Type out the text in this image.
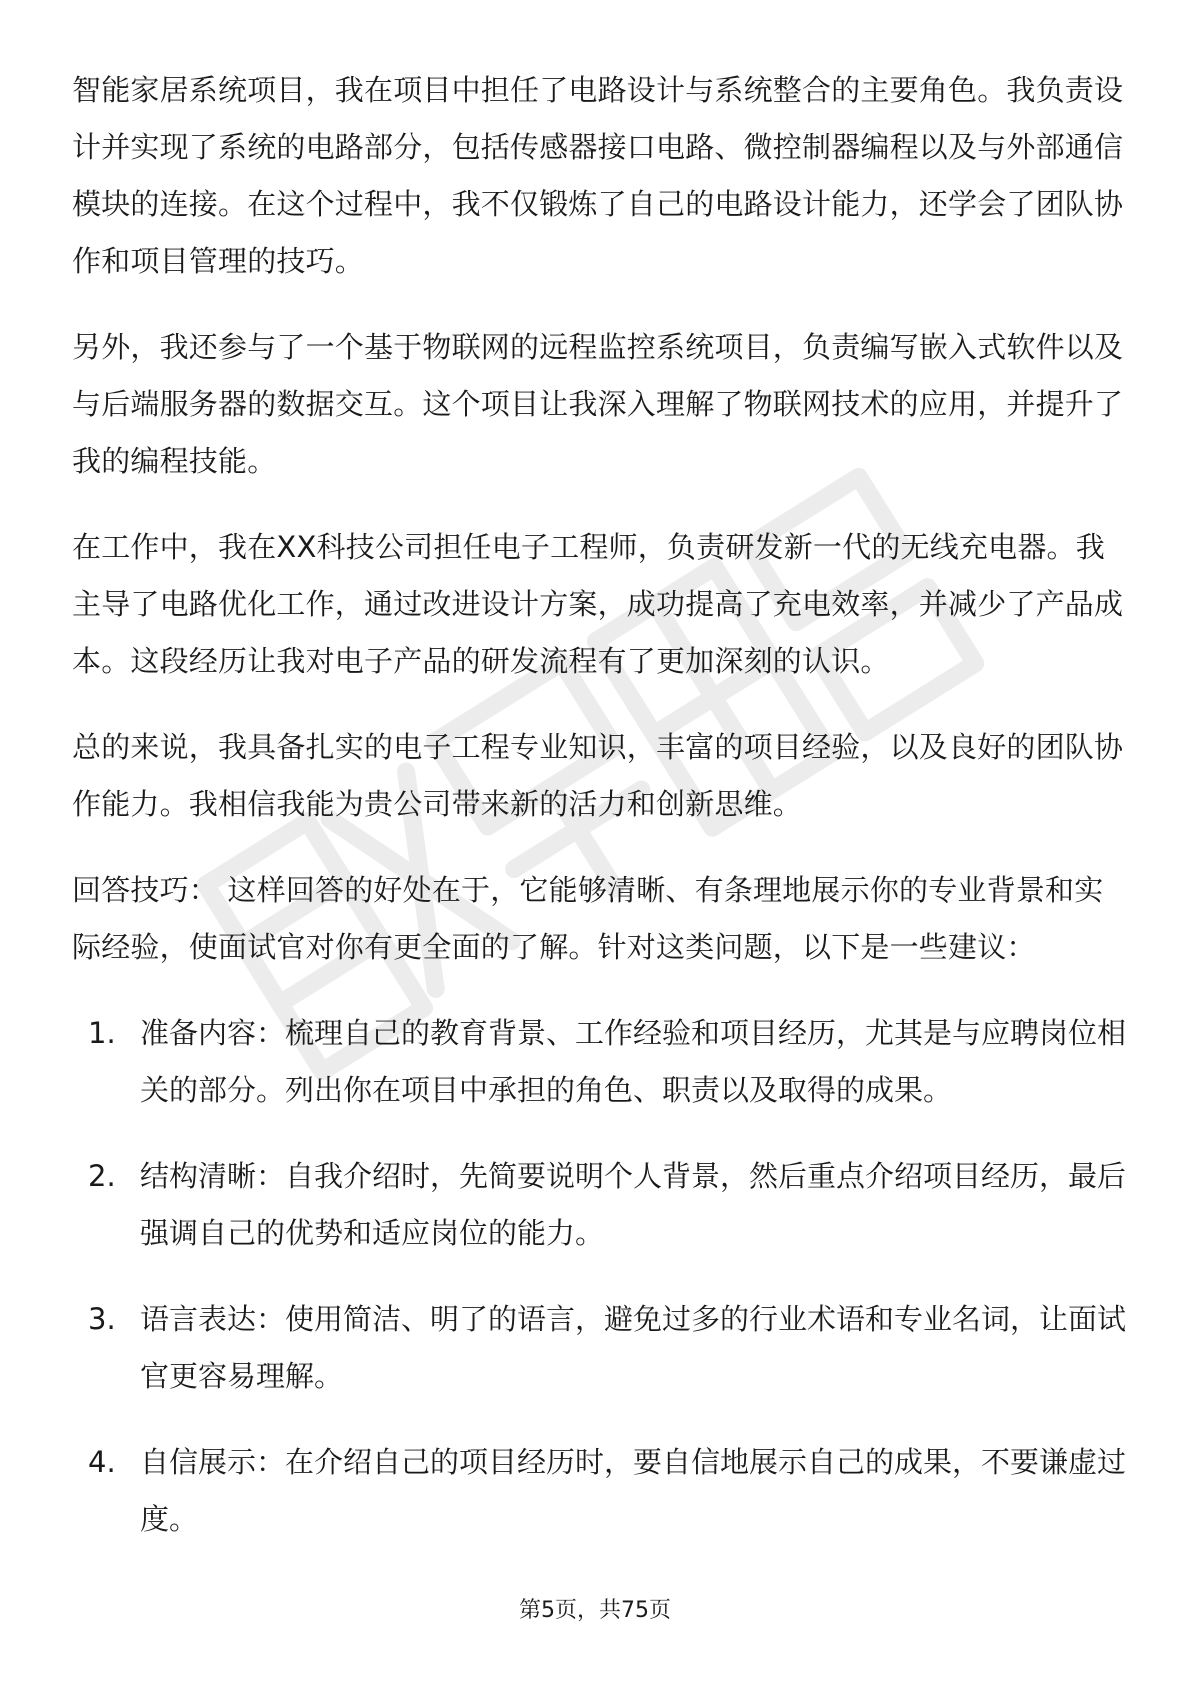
智能家居系统项目，我在项目中担任了电路设计与系统整合的主要角色。我负责设计并实现了系统的电路部分，包括传感器接口电路、微控制器编程以及与外部通信模块的连接。在这个过程中，我不仅锻炼了自己的电路设计能力，还学会了团队协作和项目管理的技巧。

另外，我还参与了一个基于物联网的远程监控系统项目，负责编写嵌入式软件以及与后端服务器的数据交互。这个项目让我深入理解了物联网技术的应用，并提升了我的编程技能。

在工作中，我在XX科技公司担任电子工程师，负责研发新一代的无线充电器。我主导了电路优化工作，通过改进设计方案，成功提高了充电效率，并减少了产品成本。这段经历让我对电子产品的研发流程有了更加深刻的认识。

总的来说，我具备扎实的电子工程专业知识，丰富的项目经验，以及良好的团队协作能力。我相信我能为贵公司带来新的活力和创新思维。

回答技巧： 这样回答的好处在于，它能够清晰、有条理地展示你的专业背景和实际经验，使面试官对你有更全面的了解。针对这类问题，以下是一些建议：

1. 准备内容：梳理自己的教育背景、工作经验和项目经历，尤其是与应聘岗位相关的部分。列出你在项目中承担的角色、职责以及取得的成果。
2. 结构清晰：自我介绍时，先简要说明个人背景，然后重点介绍项目经历，最后强调自己的优势和适应岗位的能力。
3. 语言表达：使用简洁、明了的语言，避免过多的行业术语和专业名词，让面试官更容易理解。
4. 自信展示：在介绍自己的项目经历时，要自信地展示自己的成果，不要谦虚过度。
第5页，共75页
